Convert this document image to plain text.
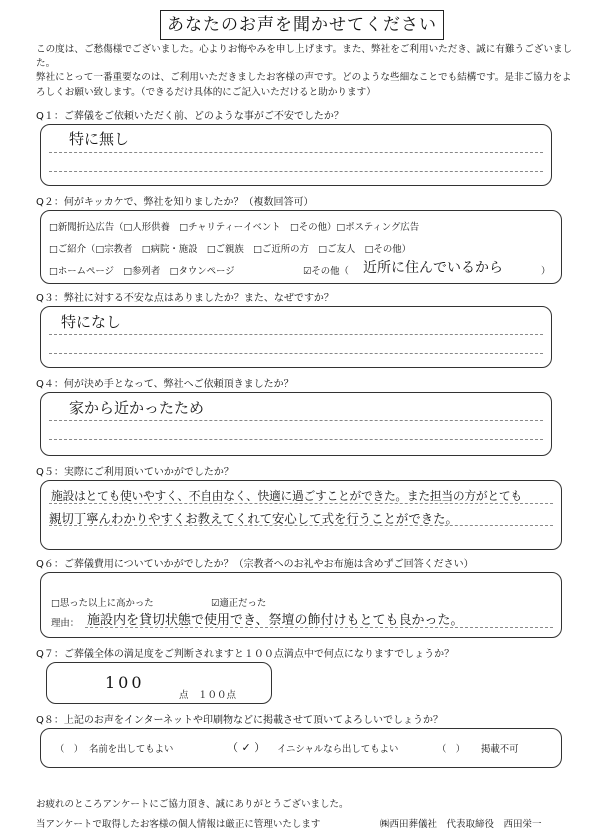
あなたのお声を聞かせてください
この度は、ご愁傷様でございました。心よりお悔やみを申し上げます。また、弊社をご利用いただき、誠に有難うございました。
弊社にとって一番重要なのは、ご利用いただきましたお客様の声です。どのような些細なことでも結構です。是非ご協力をよろしくお願い致します。（できるだけ具体的にご記入いただけると助かります）
Q１：ご葬儀をご依頼いただく前、どのような事がご不安でしたか？
特に無し
Q２：何がキッカケで、弊社を知りましたか？（複数回答可）
□新聞折込広告（□人形供養　□チャリティーイベント　□その他）□ポスティング広告
□ご紹介（□宗教者　□病院・施設　□ご親族　□ご近所の方　□ご友人　□その他）
□ホームページ　□参列者　□タウンページ	☑その他（ 近所に住んでいるから	）
Q３：弊社に対する不安な点はありましたか？また、なぜですか？
特になし
Q４：何が決め手となって、弊社へご依頼頂きましたか？
家から近かったため
Q５：実際にご利用頂いていかがでしたか？
施設はとても使いやすく、不自由なく、快適に過ごすことができた。また担当の方がとても
親切丁寧んわかりやすくお教えてくれて安心して式を行うことができた。
Q６：ご葬儀費用についていかがでしたか？（宗教者へのお礼やお布施は含めずご回答ください）
□思った以上に高かった	☑適正だった
理由： 施設内を貸切状態で使用でき、祭壇の飾付けもとても良かった。
Q７：ご葬儀全体の満足度をご判断されますと１００点満点中で何点になりますでしょうか？
100
点　１００点
Q８：上記のお声をインターネットや印刷物などに掲載させて頂いてよろしいでしょうか？
（　） 名前を出してもよい	（ ✓ ） イニシャルなら出してもよい	（　） 掲載不可
お疲れのところアンケートにご協力頂き、誠にありがとうございました。
当アンケートで取得したお客様の個人情報は厳正に管理いたします	㈱西田葬儀社　代表取締役　西田栄一
